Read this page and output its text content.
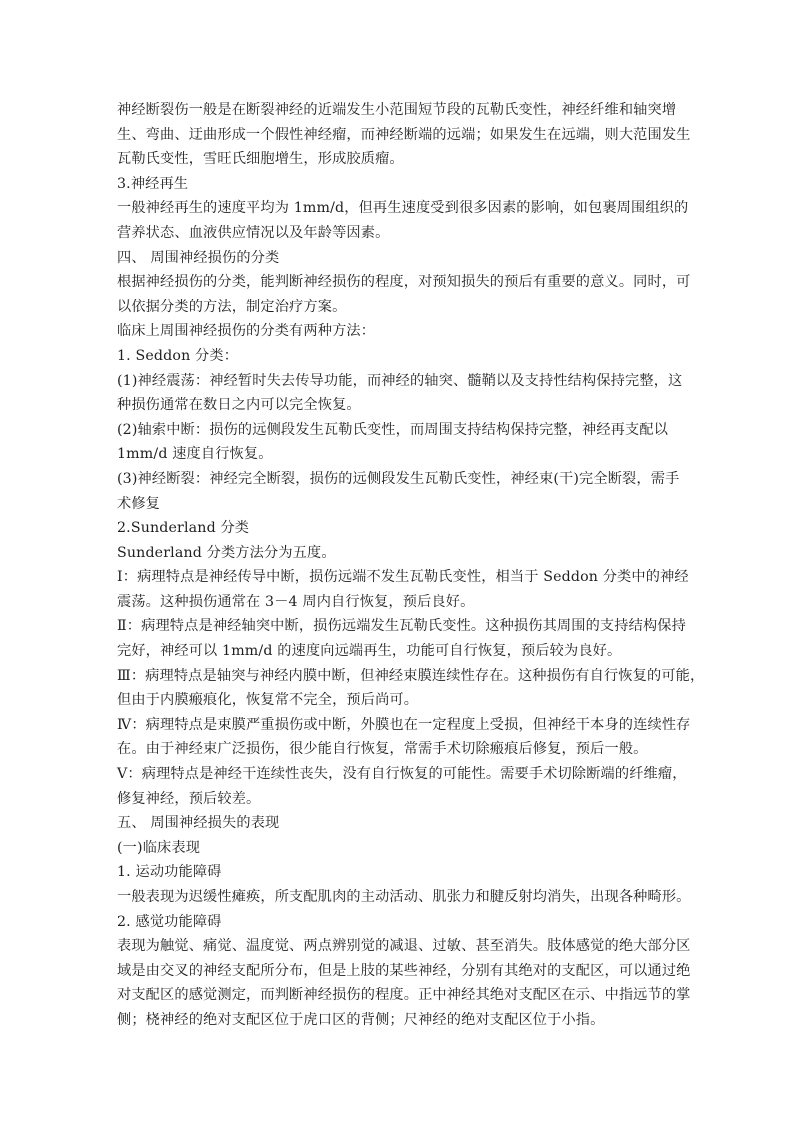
神经断裂伤一般是在断裂神经的近端发生小范围短节段的瓦勒氏变性，神经纤维和轴突增
生、弯曲、迂曲形成一个假性神经瘤，而神经断端的远端；如果发生在远端，则大范围发生
瓦勒氏变性，雪旺氏细胞增生，形成胶质瘤。
3.神经再生
一般神经再生的速度平均为 1mm/d，但再生速度受到很多因素的影响，如包裹周围组织的
营养状态、血液供应情况以及年龄等因素。
四、 周围神经损伤的分类
根据神经损伤的分类，能判断神经损伤的程度，对预知损失的预后有重要的意义。同时，可
以依据分类的方法，制定治疗方案。
临床上周围神经损伤的分类有两种方法：
1. Seddon 分类：
(1)神经震荡：神经暂时失去传导功能，而神经的轴突、髓鞘以及支持性结构保持完整，这
种损伤通常在数日之内可以完全恢复。
(2)轴索中断：损伤的远侧段发生瓦勒氏变性，而周围支持结构保持完整，神经再支配以
1mm/d 速度自行恢复。
(3)神经断裂：神经完全断裂，损伤的远侧段发生瓦勒氏变性，神经束(干)完全断裂，需手
术修复
2.Sunderland 分类
Sunderland 分类方法分为五度。
Ⅰ：病理特点是神经传导中断，损伤远端不发生瓦勒氏变性，相当于 Seddon 分类中的神经
震荡。这种损伤通常在 3－4 周内自行恢复，预后良好。
Ⅱ：病理特点是神经轴突中断，损伤远端发生瓦勒氏变性。这种损伤其周围的支持结构保持
完好，神经可以 1mm/d 的速度向远端再生，功能可自行恢复，预后较为良好。
Ⅲ：病理特点是轴突与神经内膜中断，但神经束膜连续性存在。这种损伤有自行恢复的可能，
但由于内膜瘢痕化，恢复常不完全，预后尚可。
Ⅳ：病理特点是束膜严重损伤或中断，外膜也在一定程度上受损，但神经干本身的连续性存
在。由于神经束广泛损伤，很少能自行恢复，常需手术切除瘢痕后修复，预后一般。
Ⅴ：病理特点是神经干连续性丧失，没有自行恢复的可能性。需要手术切除断端的纤维瘤，
修复神经，预后较差。
五、 周围神经损失的表现
(一)临床表现
1. 运动功能障碍
一般表现为迟缓性瘫痪，所支配肌肉的主动活动、肌张力和腱反射均消失，出现各种畸形。
2. 感觉功能障碍
表现为触觉、痛觉、温度觉、两点辨别觉的减退、过敏、甚至消失。肢体感觉的绝大部分区
域是由交叉的神经支配所分布，但是上肢的某些神经，分别有其绝对的支配区，可以通过绝
对支配区的感觉测定，而判断神经损伤的程度。正中神经其绝对支配区在示、中指远节的掌
侧；桡神经的绝对支配区位于虎口区的背侧；尺神经的绝对支配区位于小指。
